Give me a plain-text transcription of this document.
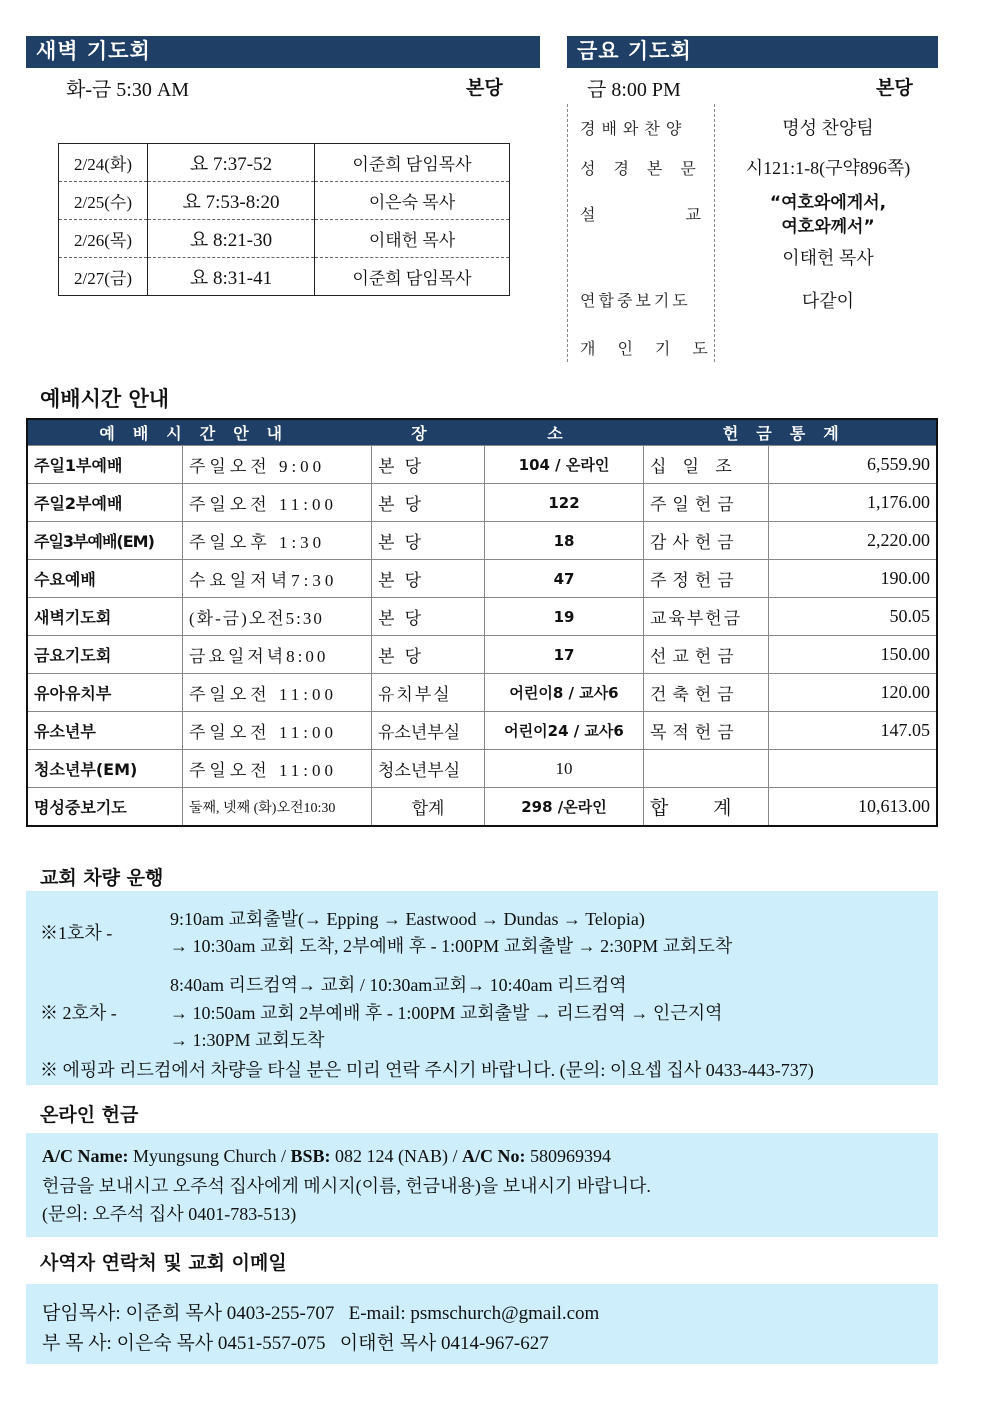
새벽 기도회
화-금 5:30 AM	본당
2/24(화)	요 7:37-52	이준희 담임목사
2/25(수)	요 7:53-8:20	이은숙 목사
2/26(목)	요 8:21-30	이태헌 목사
2/27(금)	요 8:31-41	이준희 담임목사
금요 기도회
금 8:00 PM	본당
경배와찬양	명성 찬양팀
성경본문	시121:1-8(구약896쪽)
설교
“여호와에게서,
여호와께서”
이태헌 목사
연합중보기도	다같이
개인기도
예배시간 안내
예배시간안내		장	소	헌금통계	
주일1부예배	주일오전 9:00	본 당	104 / 온라인	십 일 조	6,559.90
주일2부예배	주일오전 11:00	본 당	122	주일헌금	1,176.00
주일3부예배(EM)	주일오후 1:30	본 당	18	감사헌금	2,220.00
수요예배	수요일저녁7:30	본 당	47	주정헌금	190.00
새벽기도회	(화-금)오전5:30	본 당	19	교육부헌금	50.05
금요기도회	금요일저녁8:00	본 당	17	선교헌금	150.00
유아유치부	주일오전 11:00	유치부실	어린이8 / 교사6	건축헌금	120.00
유소년부	주일오전 11:00	유소년부실	어린이24 / 교사6	목적헌금	147.05
청소년부(EM)	주일오전 11:00	청소년부실	10		
명성중보기도	둘째, 넷째 (화)오전10:30	합계	298 /온라인	합 계	10,613.00
교회 차량 운행
※1호차 -
9:10am 교회출발(→ Epping → Eastwood → Dundas → Telopia)
→ 10:30am 교회 도착, 2부예배 후 - 1:00PM 교회출발 → 2:30PM 교회도착
※ 2호차 -
8:40am 리드컴역→ 교회 / 10:30am교회→ 10:40am 리드컴역
→ 10:50am 교회 2부예배 후 - 1:00PM 교회출발 → 리드컴역 → 인근지역
→ 1:30PM 교회도착
※ 에핑과 리드컴에서 차량을 타실 분은 미리 연락 주시기 바랍니다. (문의: 이요셉 집사 0433-443-737)
온라인 헌금
A/C Name: Myungsung Church / BSB: 082 124 (NAB) / A/C No: 580969394
헌금을 보내시고 오주석 집사에게 메시지(이름, 헌금내용)을 보내시기 바랍니다.
(문의: 오주석 집사 0401-783-513)
사역자 연락처 및 교회 이메일
담임목사: 이준희 목사 0403-255-707   E-mail: psmschurch@gmail.com
부 목 사: 이은숙 목사 0451-557-075   이태헌 목사 0414-967-627
